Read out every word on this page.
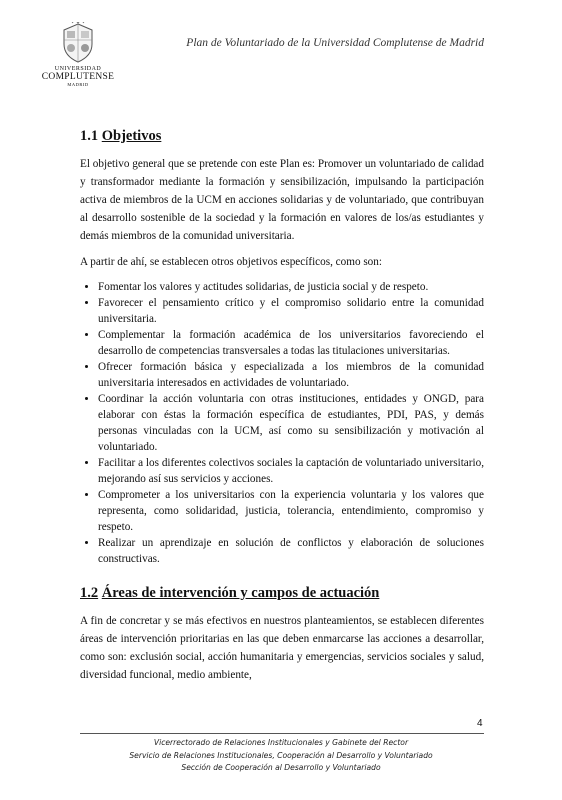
UNIVERSIDAD
COMPLUTENSE
MADRID
Plan de Voluntariado de la Universidad Complutense de Madrid
1.1 Objetivos

El objetivo general que se pretende con este Plan es: Promover un voluntariado de calidad y transformador mediante la formación y sensibilización, impulsando la participación activa de miembros de la UCM en acciones solidarias y de voluntariado, que contribuyan al desarrollo sostenible de la sociedad y la formación en valores de los/as estudiantes y demás miembros de la comunidad universitaria.

A partir de ahí, se establecen otros objetivos específicos, como son:

• Fomentar los valores y actitudes solidarias, de justicia social y de respeto.
• Favorecer el pensamiento crítico y el compromiso solidario entre la comunidad universitaria.
• Complementar la formación académica de los universitarios favoreciendo el desarrollo de competencias transversales a todas las titulaciones universitarias.
• Ofrecer formación básica y especializada a los miembros de la comunidad universitaria interesados en actividades de voluntariado.
• Coordinar la acción voluntaria con otras instituciones, entidades y ONGD, para elaborar con éstas la formación específica de estudiantes, PDI, PAS, y demás personas vinculadas con la UCM, así como su sensibilización y motivación al voluntariado.
• Facilitar a los diferentes colectivos sociales la captación de voluntariado universitario, mejorando así sus servicios y acciones.
• Comprometer a los universitarios con la experiencia voluntaria y los valores que representa, como solidaridad, justicia, tolerancia, entendimiento, compromiso y respeto.
• Realizar un aprendizaje en solución de conflictos y elaboración de soluciones constructivas.
1.2 Áreas de intervención y campos de actuación

A fin de concretar y se más efectivos en nuestros planteamientos, se establecen diferentes áreas de intervención prioritarias en las que deben enmarcarse las acciones a desarrollar, como son: exclusión social, acción humanitaria y emergencias, servicios sociales y salud, diversidad funcional, medio ambiente,

4
Vicerrectorado de Relaciones Institucionales y Gabinete del Rector
Servicio de Relaciones Institucionales, Cooperación al Desarrollo y Voluntariado
Sección de Cooperación al Desarrollo y Voluntariado
